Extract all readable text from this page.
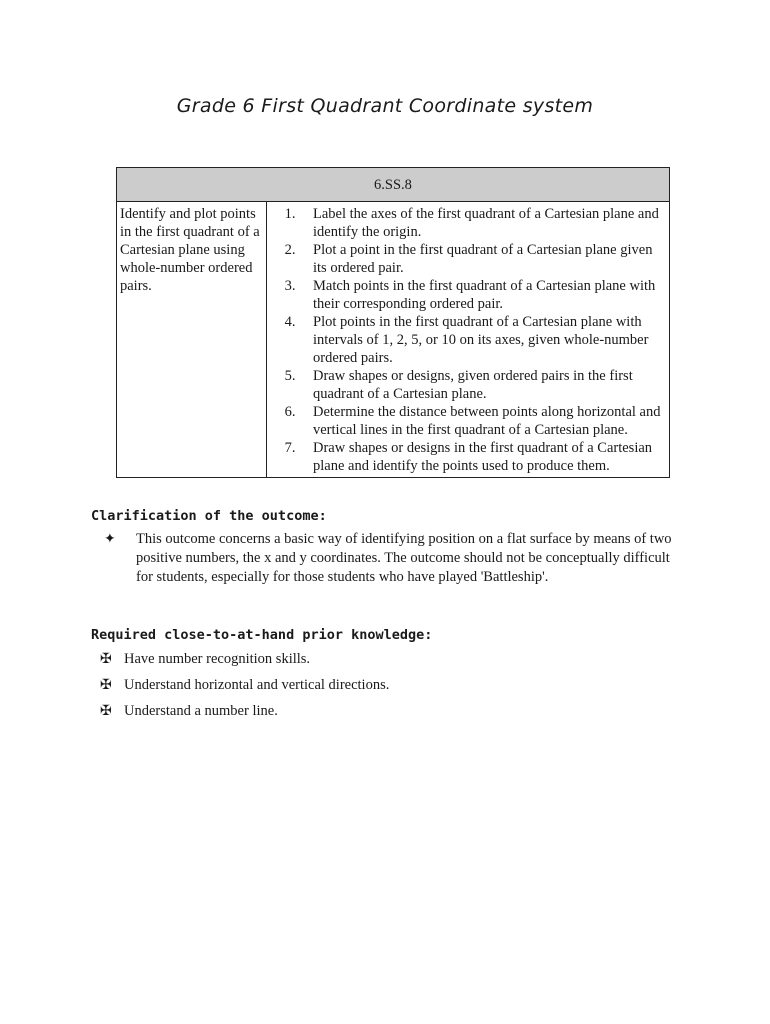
Grade 6 First Quadrant Coordinate system
6.SS.8
Identify and plot points in the first quadrant of a Cartesian plane using whole-number ordered pairs.	
1.	Label the axes of the first quadrant of a Cartesian plane and identify the origin.
2.	Plot a point in the first quadrant of a Cartesian plane given its ordered pair.
3.	Match points in the first quadrant of a Cartesian plane with their corresponding ordered pair.
4.	Plot points in the first quadrant of a Cartesian plane with intervals of 1, 2, 5, or 10 on its axes, given whole-number ordered pairs.
5.	Draw shapes or designs, given ordered pairs in the first quadrant of a Cartesian plane.
6.	Determine the distance between points along horizontal and vertical lines in the first quadrant of a Cartesian plane.
7.	Draw shapes or designs in the first quadrant of a Cartesian plane and identify the points used to produce them.
Clarification of the outcome:
✦	This outcome concerns a basic way of identifying position on a flat surface by means of two positive numbers, the x and y coordinates. The outcome should not be conceptually difficult for students, especially for those students who have played 'Battleship'.
Required close-to-at-hand prior knowledge:
✠ Have number recognition skills.
✠ Understand horizontal and vertical directions.
✠ Understand a number line.
